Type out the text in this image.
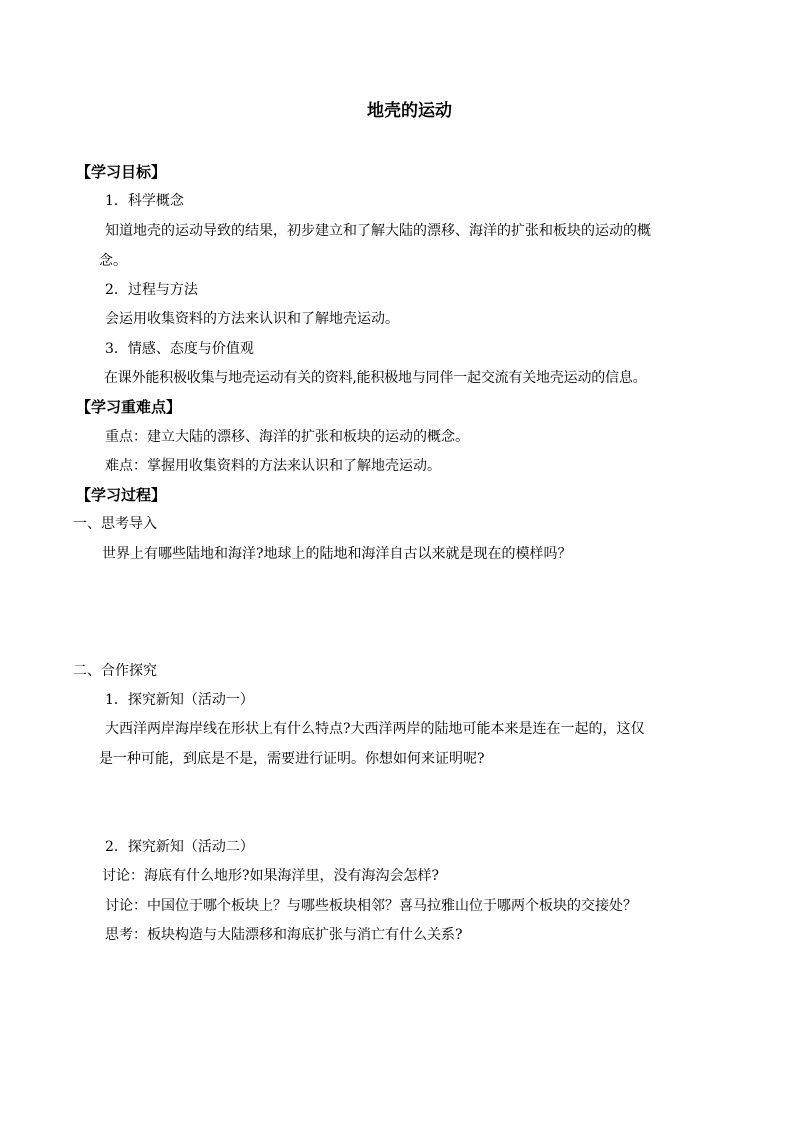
地壳的运动
【学习目标】
1．科学概念
知道地壳的运动导致的结果，初步建立和了解大陆的漂移、海洋的扩张和板块的运动的概
念。
2．过程与方法
会运用收集资料的方法来认识和了解地壳运动。
3．情感、态度与价值观
在课外能积极收集与地壳运动有关的资料,能积极地与同伴一起交流有关地壳运动的信息。
【学习重难点】
重点：建立大陆的漂移、海洋的扩张和板块的运动的概念。
难点：掌握用收集资料的方法来认识和了解地壳运动。
【学习过程】
一、思考导入
世界上有哪些陆地和海洋?地球上的陆地和海洋自古以来就是现在的模样吗？
二、合作探究
1．探究新知（活动一）
大西洋两岸海岸线在形状上有什么特点?大西洋两岸的陆地可能本来是连在一起的，这仅
是一种可能，到底是不是，需要进行证明。你想如何来证明呢?
2．探究新知（活动二）
讨论：海底有什么地形?如果海洋里，没有海沟会怎样?
讨论：中国位于哪个板块上？与哪些板块相邻？喜马拉雅山位于哪两个板块的交接处？
思考：板块构造与大陆漂移和海底扩张与消亡有什么关系?
